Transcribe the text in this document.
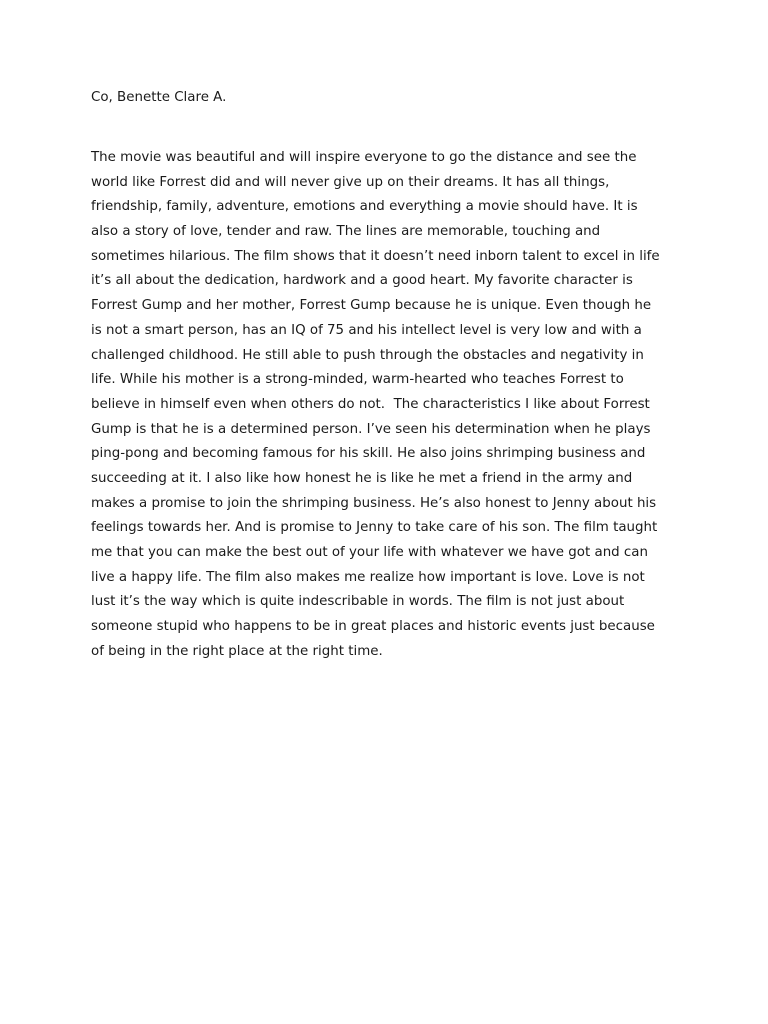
Co, Benette Clare A.
The movie was beautiful and will inspire everyone to go the distance and see the
world like Forrest did and will never give up on their dreams. It has all things,
friendship, family, adventure, emotions and everything a movie should have. It is
also a story of love, tender and raw. The lines are memorable, touching and
sometimes hilarious. The film shows that it doesn’t need inborn talent to excel in life
it’s all about the dedication, hardwork and a good heart. My favorite character is
Forrest Gump and her mother, Forrest Gump because he is unique. Even though he
is not a smart person, has an IQ of 75 and his intellect level is very low and with a
challenged childhood. He still able to push through the obstacles and negativity in
life. While his mother is a strong-minded, warm-hearted who teaches Forrest to
believe in himself even when others do not.  The characteristics I like about Forrest
Gump is that he is a determined person. I’ve seen his determination when he plays
ping-pong and becoming famous for his skill. He also joins shrimping business and
succeeding at it. I also like how honest he is like he met a friend in the army and
makes a promise to join the shrimping business. He’s also honest to Jenny about his
feelings towards her. And is promise to Jenny to take care of his son. The film taught
me that you can make the best out of your life with whatever we have got and can
live a happy life. The film also makes me realize how important is love. Love is not
lust it’s the way which is quite indescribable in words. The film is not just about
someone stupid who happens to be in great places and historic events just because
of being in the right place at the right time.
